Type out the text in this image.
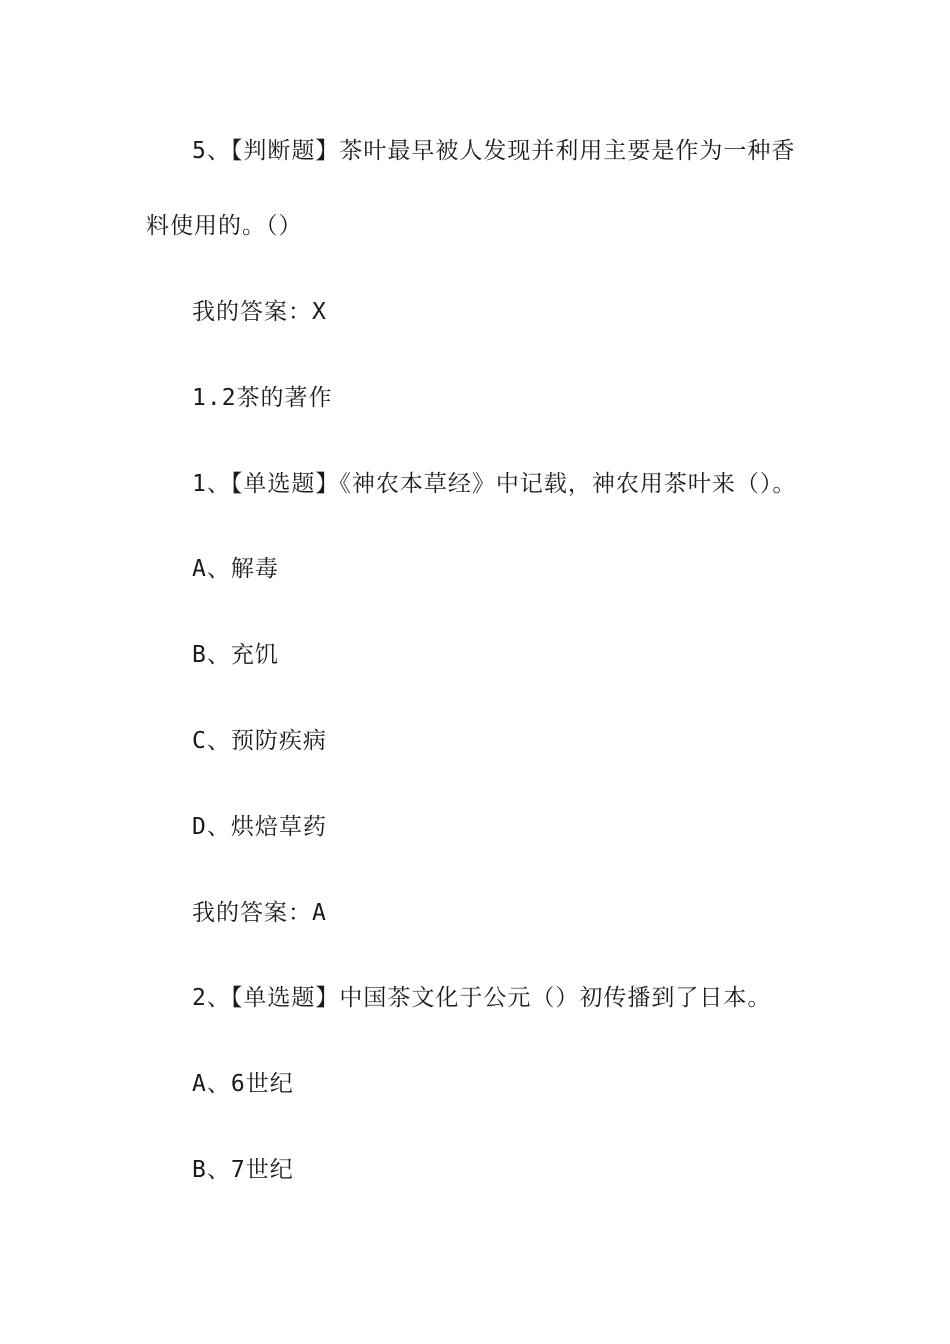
5、【判断题】茶叶最早被人发现并利用主要是作为一种香
料使用的。（）
我的答案：X
1.2茶的著作
1、【单选题】《神农本草经》中记载，神农用茶叶来（）。
A、解毒
B、充饥
C、预防疾病
D、烘焙草药
我的答案：A
2、【单选题】中国茶文化于公元（）初传播到了日本。
A、6世纪
B、7世纪
